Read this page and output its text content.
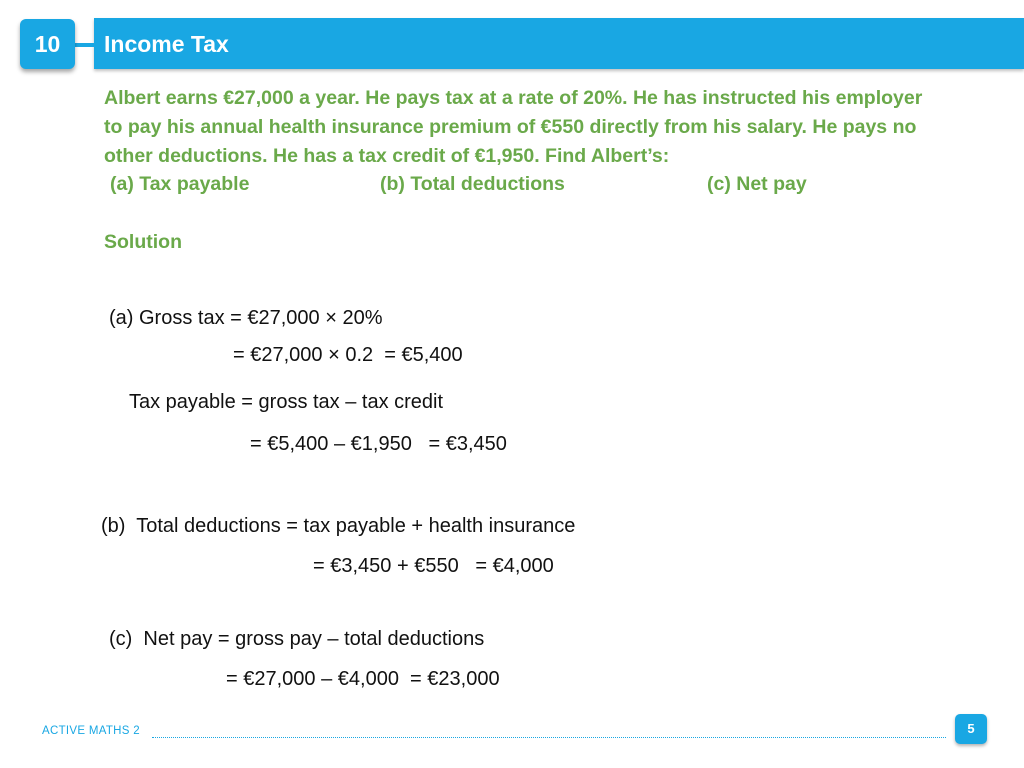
10	Income Tax
Albert earns €27,000 a year. He pays tax at a rate of 20%. He has instructed his employer
to pay his annual health insurance premium of €550 directly from his salary. He pays no
other deductions. He has a tax credit of €1,950. Find Albert’s:
(a) Tax payable	(b) Total deductions	(c) Net pay
Solution
(a) Gross tax = €27,000 × 20%
= €27,000 × 0.2  = €5,400
Tax payable = gross tax – tax credit
= €5,400 – €1,950   = €3,450
(b)  Total deductions = tax payable + health insurance
= €3,450 + €550   = €4,000
(c)  Net pay = gross pay – total deductions
= €27,000 – €4,000  = €23,000
ACTIVE MATHS 2	5
